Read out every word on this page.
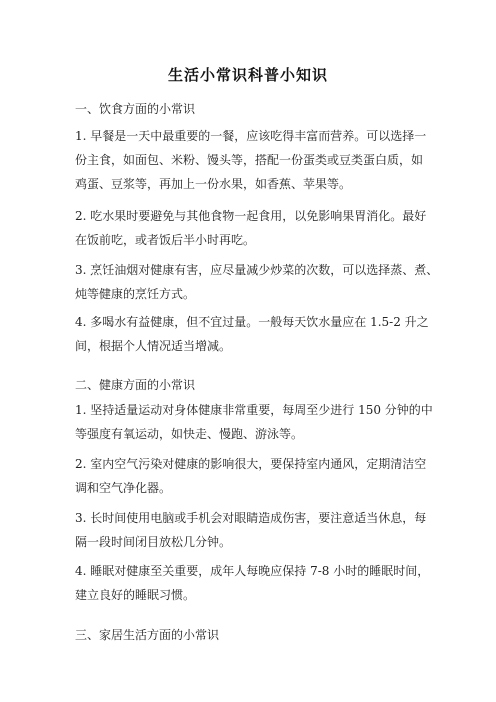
生活小常识科普小知识
一、饮食方面的小常识
1. 早餐是一天中最重要的一餐，应该吃得丰富而营养。可以选择一
份主食，如面包、米粉、馒头等，搭配一份蛋类或豆类蛋白质，如
鸡蛋、豆浆等，再加上一份水果，如香蕉、苹果等。
2. 吃水果时要避免与其他食物一起食用，以免影响果胃消化。最好
在饭前吃，或者饭后半小时再吃。
3. 烹饪油烟对健康有害，应尽量减少炒菜的次数，可以选择蒸、煮、
炖等健康的烹饪方式。
4. 多喝水有益健康，但不宜过量。一般每天饮水量应在 1.5-2 升之
间，根据个人情况适当增减。
二、健康方面的小常识
1. 坚持适量运动对身体健康非常重要，每周至少进行 150 分钟的中
等强度有氧运动，如快走、慢跑、游泳等。
2. 室内空气污染对健康的影响很大，要保持室内通风，定期清洁空
调和空气净化器。
3. 长时间使用电脑或手机会对眼睛造成伤害，要注意适当休息，每
隔一段时间闭目放松几分钟。
4. 睡眠对健康至关重要，成年人每晚应保持 7-8 小时的睡眠时间，
建立良好的睡眠习惯。
三、家居生活方面的小常识
